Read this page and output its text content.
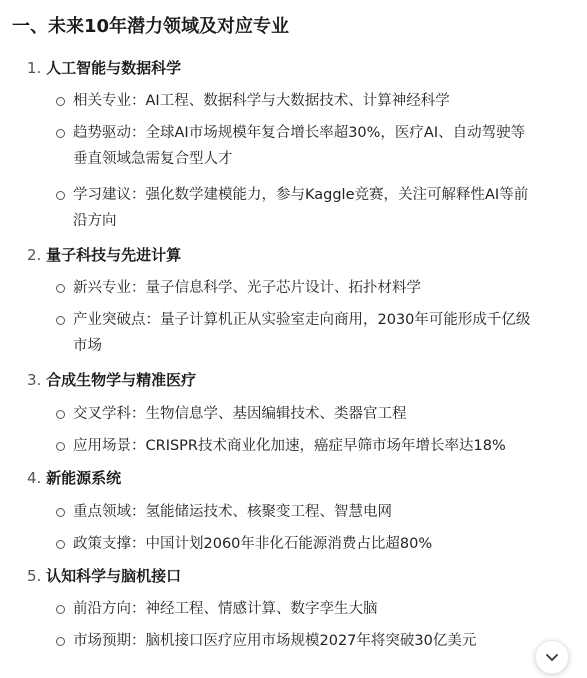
一、未来10年潜力领域及对应专业
1. 人工智能与数据科学
相关专业：AI工程、数据科学与大数据技术、计算神经科学
趋势驱动：全球AI市场规模年复合增长率超30%，医疗AI、自动驾驶等
垂直领域急需复合型人才
学习建议：强化数学建模能力，参与Kaggle竞赛，关注可解释性AI等前
沿方向
2. 量子科技与先进计算
新兴专业：量子信息科学、光子芯片设计、拓扑材料学
产业突破点：量子计算机正从实验室走向商用，2030年可能形成千亿级
市场
3. 合成生物学与精准医疗
交叉学科：生物信息学、基因编辑技术、类器官工程
应用场景：CRISPR技术商业化加速，癌症早筛市场年增长率达18%
4. 新能源系统
重点领域：氢能储运技术、核聚变工程、智慧电网
政策支撑：中国计划2060年非化石能源消费占比超80%
5. 认知科学与脑机接口
前沿方向：神经工程、情感计算、数字孪生大脑
市场预期：脑机接口医疗应用市场规模2027年将突破30亿美元
